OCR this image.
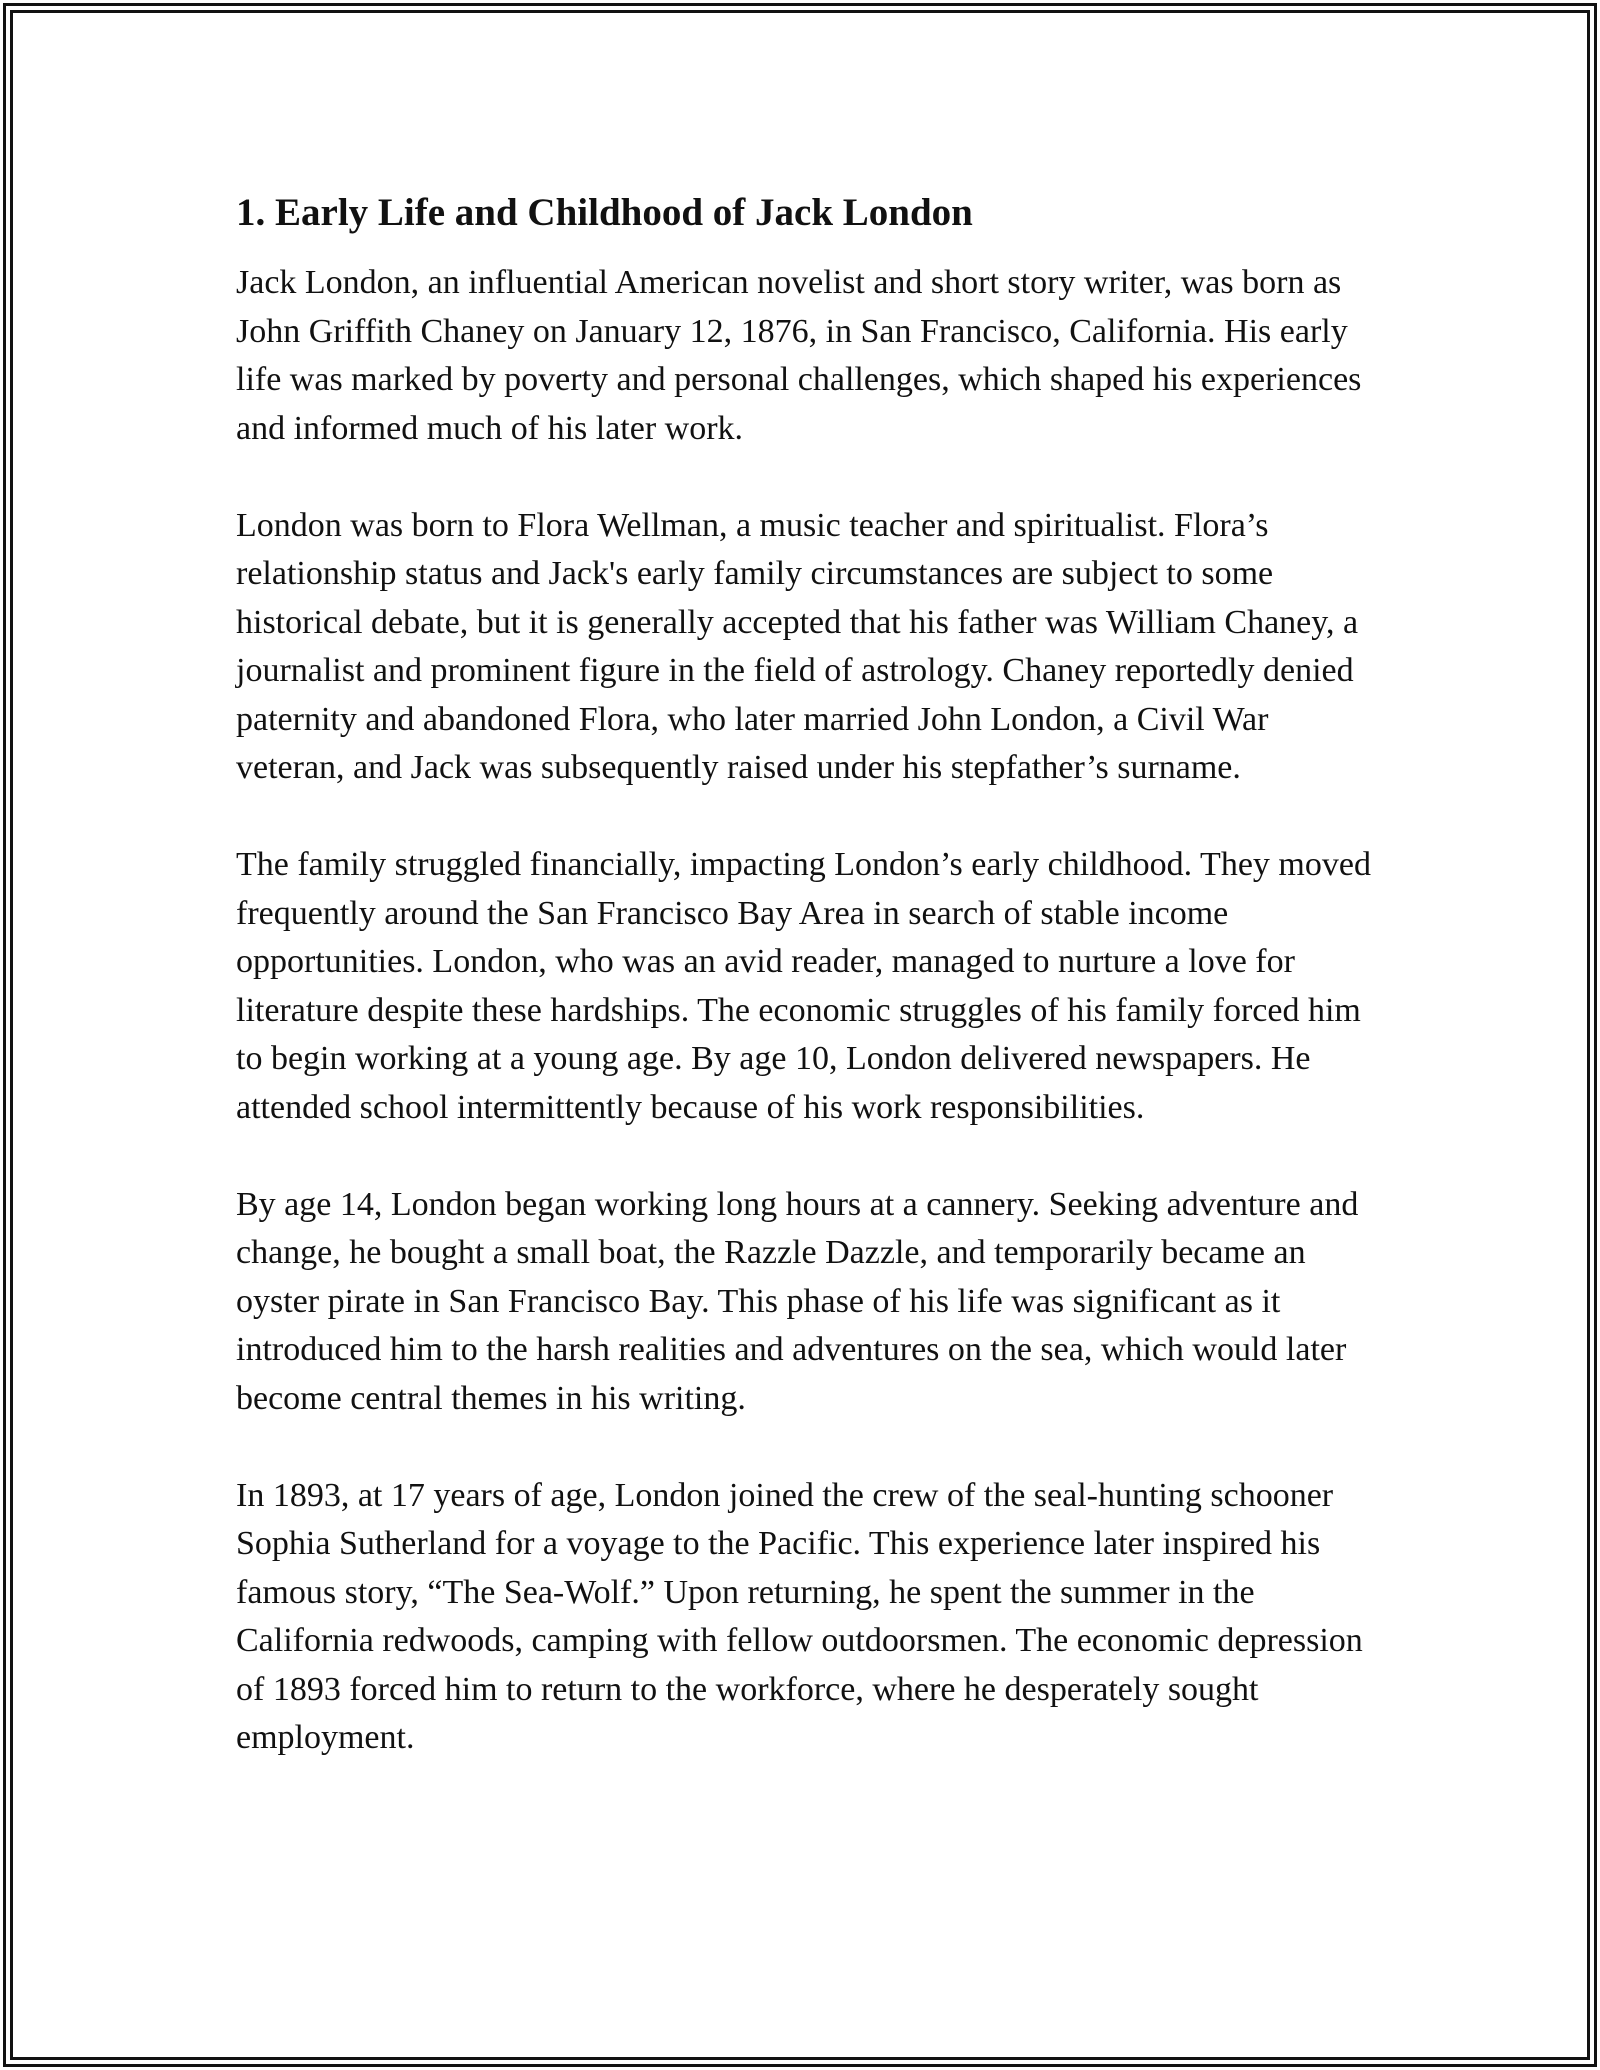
1. Early Life and Childhood of Jack London

Jack London, an influential American novelist and short story writer, was born as John Griffith Chaney on January 12, 1876, in San Francisco, California. His early life was marked by poverty and personal challenges, which shaped his experiences and informed much of his later work.

London was born to Flora Wellman, a music teacher and spiritualist. Flora’s relationship status and Jack's early family circumstances are subject to some historical debate, but it is generally accepted that his father was William Chaney, a journalist and prominent figure in the field of astrology. Chaney reportedly denied paternity and abandoned Flora, who later married John London, a Civil War veteran, and Jack was subsequently raised under his stepfather’s surname.

The family struggled financially, impacting London’s early childhood. They moved frequently around the San Francisco Bay Area in search of stable income opportunities. London, who was an avid reader, managed to nurture a love for literature despite these hardships. The economic struggles of his family forced him to begin working at a young age. By age 10, London delivered newspapers. He attended school intermittently because of his work responsibilities.

By age 14, London began working long hours at a cannery. Seeking adventure and change, he bought a small boat, the Razzle Dazzle, and temporarily became an oyster pirate in San Francisco Bay. This phase of his life was significant as it introduced him to the harsh realities and adventures on the sea, which would later become central themes in his writing.

In 1893, at 17 years of age, London joined the crew of the seal-hunting schooner Sophia Sutherland for a voyage to the Pacific. This experience later inspired his famous story, “The Sea-Wolf.” Upon returning, he spent the summer in the California redwoods, camping with fellow outdoorsmen. The economic depression of 1893 forced him to return to the workforce, where he desperately sought employment.
